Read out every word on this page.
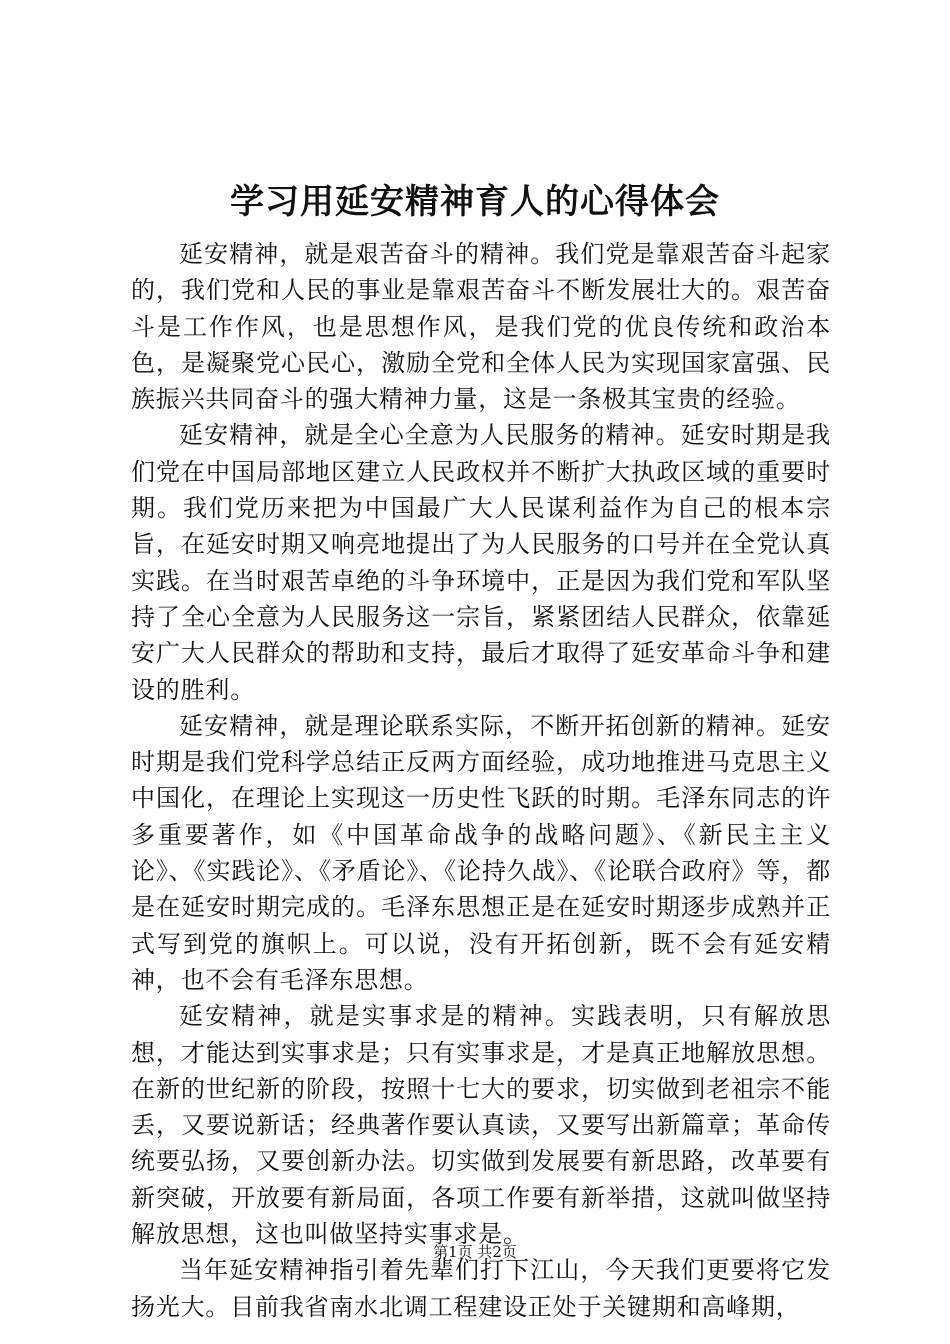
学习用延安精神育人的心得体会

延安精神，就是艰苦奋斗的精神。我们党是靠艰苦奋斗起家的，我们党和人民的事业是靠艰苦奋斗不断发展壮大的。艰苦奋斗是工作作风，也是思想作风，是我们党的优良传统和政治本色，是凝聚党心民心，激励全党和全体人民为实现国家富强、民族振兴共同奋斗的强大精神力量，这是一条极其宝贵的经验。

延安精神，就是全心全意为人民服务的精神。延安时期是我们党在中国局部地区建立人民政权并不断扩大执政区域的重要时期。我们党历来把为中国最广大人民谋利益作为自己的根本宗旨，在延安时期又响亮地提出了为人民服务的口号并在全党认真实践。在当时艰苦卓绝的斗争环境中，正是因为我们党和军队坚持了全心全意为人民服务这一宗旨，紧紧团结人民群众，依靠延安广大人民群众的帮助和支持，最后才取得了延安革命斗争和建设的胜利。

延安精神，就是理论联系实际，不断开拓创新的精神。延安时期是我们党科学总结正反两方面经验，成功地推进马克思主义中国化，在理论上实现这一历史性飞跃的时期。毛泽东同志的许多重要著作，如《中国革命战争的战略问题》、《新民主主义论》、《实践论》、《矛盾论》、《论持久战》、《论联合政府》等，都是在延安时期完成的。毛泽东思想正是在延安时期逐步成熟并正式写到党的旗帜上。可以说，没有开拓创新，既不会有延安精神，也不会有毛泽东思想。

延安精神，就是实事求是的精神。实践表明，只有解放思想，才能达到实事求是；只有实事求是，才是真正地解放思想。在新的世纪新的阶段，按照十七大的要求，切实做到老祖宗不能丢，又要说新话；经典著作要认真读，又要写出新篇章；革命传统要弘扬，又要创新办法。切实做到发展要有新思路，改革要有新突破，开放要有新局面，各项工作要有新举措，这就叫做坚持解放思想，这也叫做坚持实事求是。

当年延安精神指引着先辈们打下江山，今天我们更要将它发扬光大。目前我省南水北调工程建设正处于关键期和高峰期，

第1页 共2页
